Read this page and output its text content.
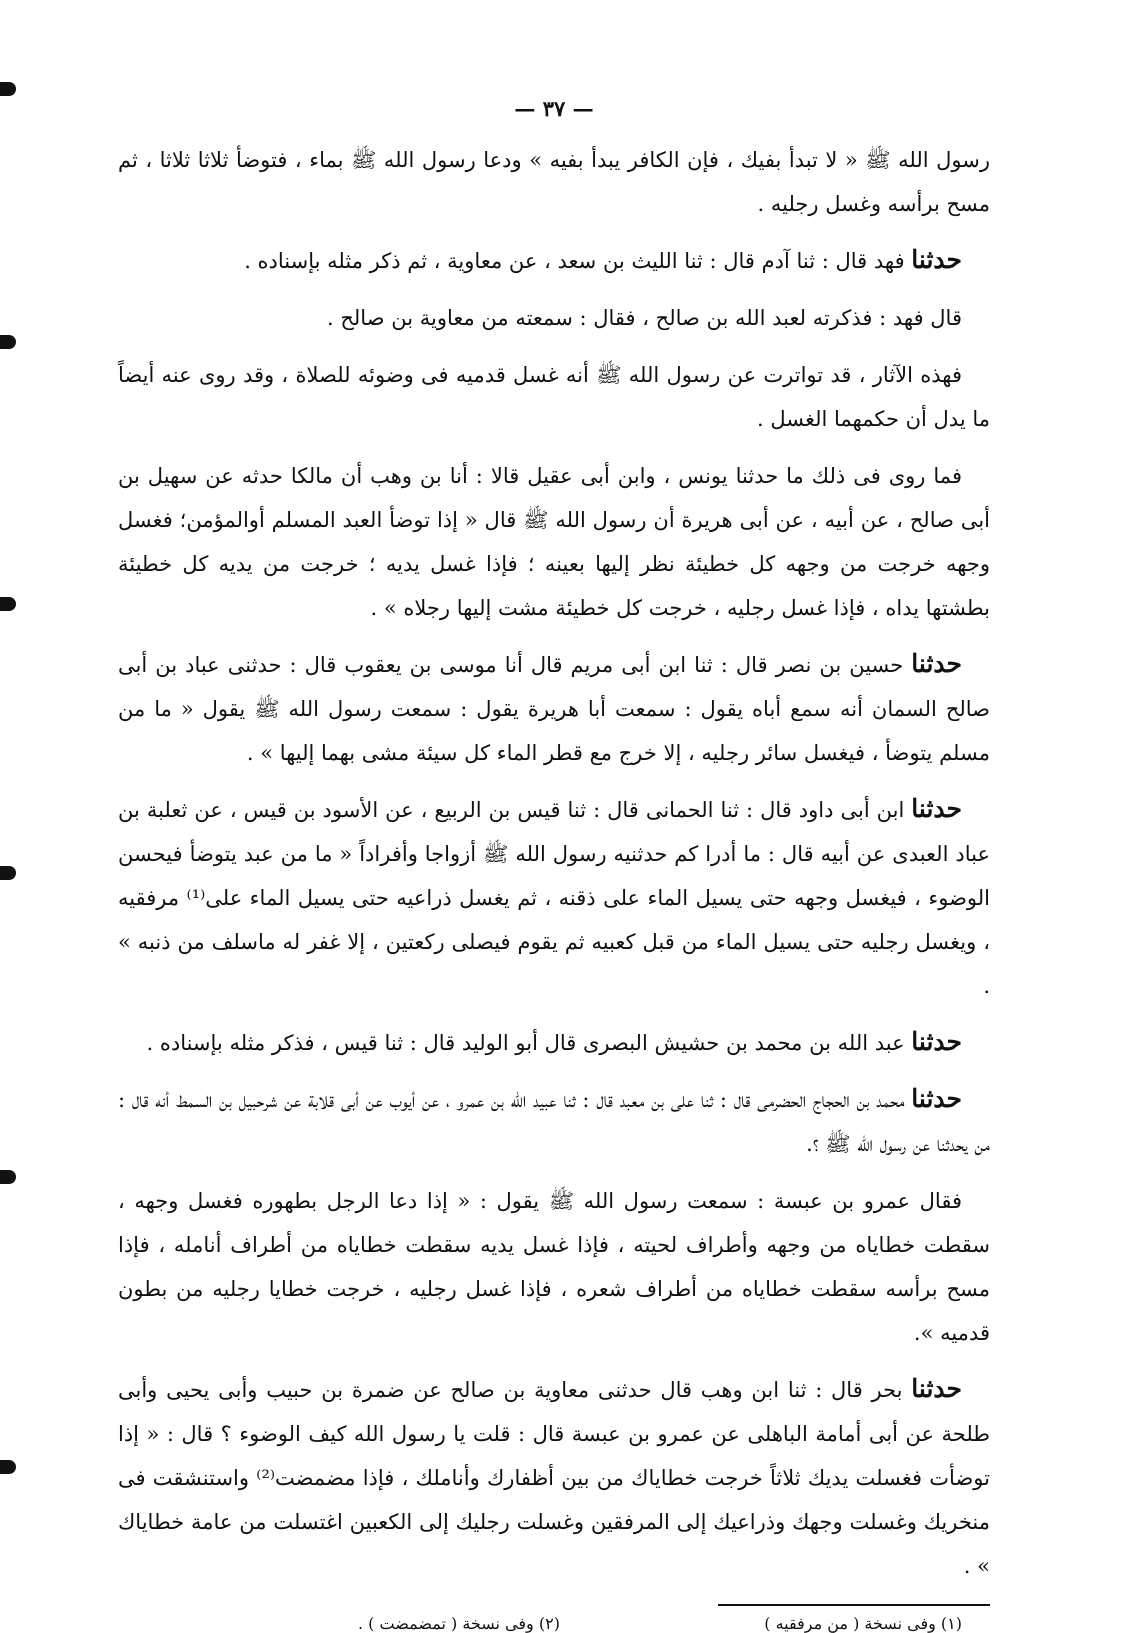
— ٣٧ —

رسول الله ﷺ « لا تبدأ بفيك ، فإن الكافر يبدأ بفيه » ودعا رسول الله ﷺ بماء ، فتوضأ ثلاثا ثلاثا ، ثم مسح برأسه وغسل رجليه .

حدثنا فهد قال : ثنا آدم قال : ثنا الليث بن سعد ، عن معاوية ، ثم ذكر مثله بإسناده .

قال فهد : فذكرته لعبد الله بن صالح ، فقال : سمعته من معاوية بن صالح .

فهذه الآثار ، قد تواترت عن رسول الله ﷺ أنه غسل قدميه فى وضوئه للصلاة ، وقد روى عنه أيضاً ما يدل أن حكمهما الغسل .

فما روى فى ذلك ما حدثنا يونس ، وابن أبى عقيل قالا : أنا بن وهب أن مالكا حدثه عن سهيل بن أبى صالح ، عن أبيه ، عن أبى هريرة أن رسول الله ﷺ قال « إذا توضأ العبد المسلم أوالمؤمن؛ فغسل وجهه خرجت من وجهه كل خطيئة نظر إليها بعينه ؛ فإذا غسل يديه ؛ خرجت من يديه كل خطيئة بطشتها يداه ، فإذا غسل رجليه ، خرجت كل خطيئة مشت إليها رجلاه » .

حدثنا حسين بن نصر قال : ثنا ابن أبى مريم قال أنا موسى بن يعقوب قال : حدثنى عباد بن أبى صالح السمان أنه سمع أباه يقول : سمعت أبا هريرة يقول : سمعت رسول الله ﷺ يقول « ما من مسلم يتوضأ ، فيغسل سائر رجليه ، إلا خرج مع قطر الماء كل سيئة مشى بهما إليها » .

حدثنا ابن أبى داود قال : ثنا الحمانى قال : ثنا قيس بن الربيع ، عن الأسود بن قيس ، عن ثعلبة بن عباد العبدى عن أبيه قال : ما أدرا كم حدثنيه رسول الله ﷺ أزواجا وأفراداً « ما من عبد يتوضأ فيحسن الوضوء ، فيغسل وجهه حتى يسيل الماء على ذقنه ، ثم يغسل ذراعيه حتى يسيل الماء على⁽¹⁾ مرفقيه ، ويغسل رجليه حتى يسيل الماء من قبل كعبيه ثم يقوم فيصلى ركعتين ، إلا غفر له ماسلف من ذنبه » .

حدثنا عبد الله بن محمد بن حشيش البصرى قال أبو الوليد قال : ثنا قيس ، فذكر مثله بإسناده .

حدثنا محمد بن الحجاج الحضرمى قال : ثنا على بن معبد قال : ثنا عبيد الله بن عمرو ، عن أيوب عن أبى قلابة عن شرحبيل بن السمط أنه قال : من يحدثنا عن رسول الله ﷺ ؟.

فقال عمرو بن عبسة : سمعت رسول الله ﷺ يقول : « إذا دعا الرجل بطهوره فغسل وجهه ، سقطت خطاياه من وجهه وأطراف لحيته ، فإذا غسل يديه سقطت خطاياه من أطراف أنامله ، فإذا مسح برأسه سقطت خطاياه من أطراف شعره ، فإذا غسل رجليه ، خرجت خطايا رجليه من بطون قدميه ».

حدثنا بحر قال : ثنا ابن وهب قال حدثنى معاوية بن صالح عن ضمرة بن حبيب وأبى يحيى وأبى طلحة عن أبى أمامة الباهلى عن عمرو بن عبسة قال : قلت يا رسول الله كيف الوضوء ؟ قال : « إذا توضأت فغسلت يديك ثلاثاً خرجت خطاياك من بين أظفارك وأناملك ، فإذا مضمضت⁽²⁾ واستنشقت فى منخريك وغسلت وجهك وذراعيك إلى المرفقين وغسلت رجليك إلى الكعبين اغتسلت من عامة خطاياك » .

(١) وفى نسخة ( من مرفقيه )
(٢) وفى نسخة ( تمضمضت ) .
